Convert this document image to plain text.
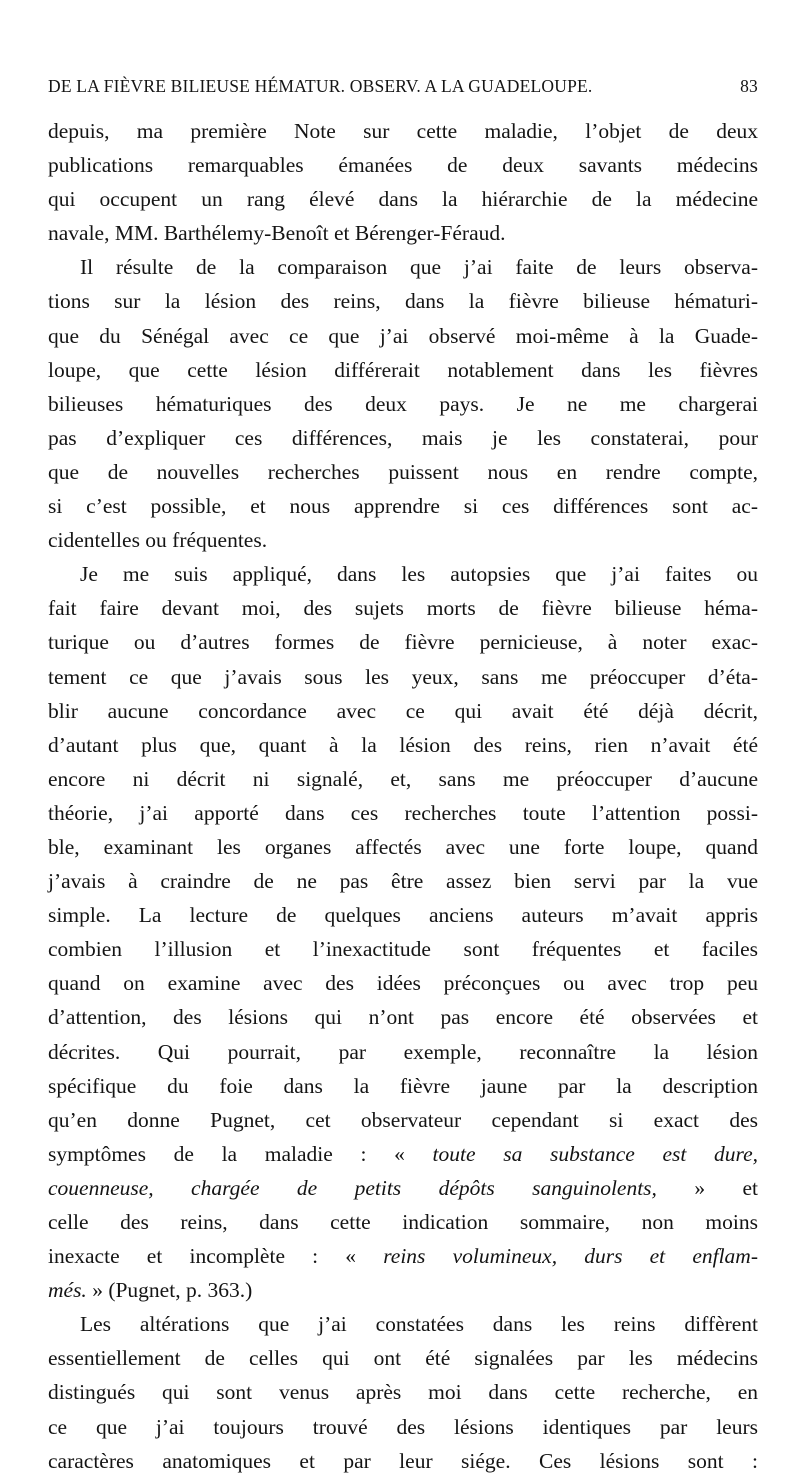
DE LA FIÈVRE BILIEUSE HÉMATUR. OBSERV. A LA GUADELOUPE.	83

depuis, ma première Note sur cette maladie, l’objet de deux
publications remarquables émanées de deux savants médecins
qui occupent un rang élevé dans la hiérarchie de la médecine
navale, MM. Barthélemy-Benoît et Bérenger-Féraud.

Il résulte de la comparaison que j’ai faite de leurs observa-
tions sur la lésion des reins, dans la fièvre bilieuse hématuri-
que du Sénégal avec ce que j’ai observé moi-même à la Guade-
loupe, que cette lésion différerait notablement dans les fièvres
bilieuses hématuriques des deux pays. Je ne me chargerai
pas d’expliquer ces différences, mais je les constaterai, pour
que de nouvelles recherches puissent nous en rendre compte,
si c’est possible, et nous apprendre si ces différences sont ac-
cidentelles ou fréquentes.

Je me suis appliqué, dans les autopsies que j’ai faites ou
fait faire devant moi, des sujets morts de fièvre bilieuse héma-
turique ou d’autres formes de fièvre pernicieuse, à noter exac-
tement ce que j’avais sous les yeux, sans me préoccuper d’éta-
blir aucune concordance avec ce qui avait été déjà décrit,
d’autant plus que, quant à la lésion des reins, rien n’avait été
encore ni décrit ni signalé, et, sans me préoccuper d’aucune
théorie, j’ai apporté dans ces recherches toute l’attention possi-
ble, examinant les organes affectés avec une forte loupe, quand
j’avais à craindre de ne pas être assez bien servi par la vue
simple. La lecture de quelques anciens auteurs m’avait appris
combien l’illusion et l’inexactitude sont fréquentes et faciles
quand on examine avec des idées préconçues ou avec trop peu
d’attention, des lésions qui n’ont pas encore été observées et
décrites. Qui pourrait, par exemple, reconnaître la lésion
spécifique du foie dans la fièvre jaune par la description
qu’en donne Pugnet, cet observateur cependant si exact des
symptômes de la maladie : « toute sa substance est dure,
couenneuse, chargée de petits dépôts sanguinolents, » et
celle des reins, dans cette indication sommaire, non moins
inexacte et incomplète : « reins volumineux, durs et enflam-
més. » (Pugnet, p. 363.)

Les altérations que j’ai constatées dans les reins diffèrent
essentiellement de celles qui ont été signalées par les médecins
distingués qui sont venus après moi dans cette recherche, en
ce que j’ai toujours trouvé des lésions identiques par leurs
caractères anatomiques et par leur siége. Ces lésions sont :
